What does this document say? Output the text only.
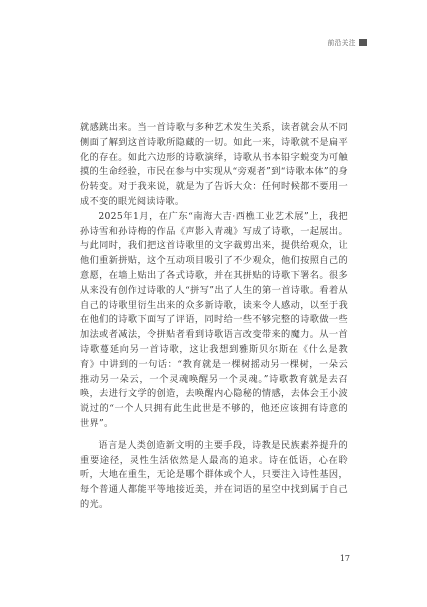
前沿关注

就感跳出来。当一首诗歌与多种艺术发生关系，读者就会从不同侧面了解到这首诗歌所隐藏的一切。如此一来，诗歌就不是扁平化的存在。如此六边形的诗歌演绎，诗歌从书本铅字蜕变为可触摸的生命经验，市民在参与中实现从“旁观者”到“诗歌本体”的身份转变。对于我来说，就是为了告诉大众：任何时候都不要用一成不变的眼光阅读诗歌。

2025年1月，在广东“南海大吉·西樵工业艺术展”上，我把孙诗雪和孙诗梅的作品《声影入青魂》写成了诗歌，一起展出。与此同时，我们把这首诗歌里的文字裁剪出来，提供给观众，让他们重新拼贴，这个互动项目吸引了不少观众，他们按照自己的意愿，在墙上贴出了各式诗歌，并在其拼贴的诗歌下署名。很多从来没有创作过诗歌的人“拼写”出了人生的第一首诗歌。看着从自己的诗歌里衍生出来的众多新诗歌，读来令人感动，以至于我在他们的诗歌下面写了评语，同时给一些不够完整的诗歌做一些加法或者减法，令拼贴者看到诗歌语言改变带来的魔力。从一首诗歌蔓延向另一首诗歌，这让我想到雅斯贝尔斯在《什么是教育》中讲到的一句话：“教育就是一棵树摇动另一棵树，一朵云推动另一朵云，一个灵魂唤醒另一个灵魂。”诗歌教育就是去召唤，去进行文学的创造，去唤醒内心隐秘的情感，去体会王小波说过的“一个人只拥有此生此世是不够的，他还应该拥有诗意的世界”。

语言是人类创造新文明的主要手段，诗教是民族素养提升的重要途径，灵性生活依然是人最高的追求。诗在低语，心在聆听，大地在重生，无论是哪个群体或个人，只要注入诗性基因，每个普通人都能平等地接近美，并在词语的星空中找到属于自己的光。

17
